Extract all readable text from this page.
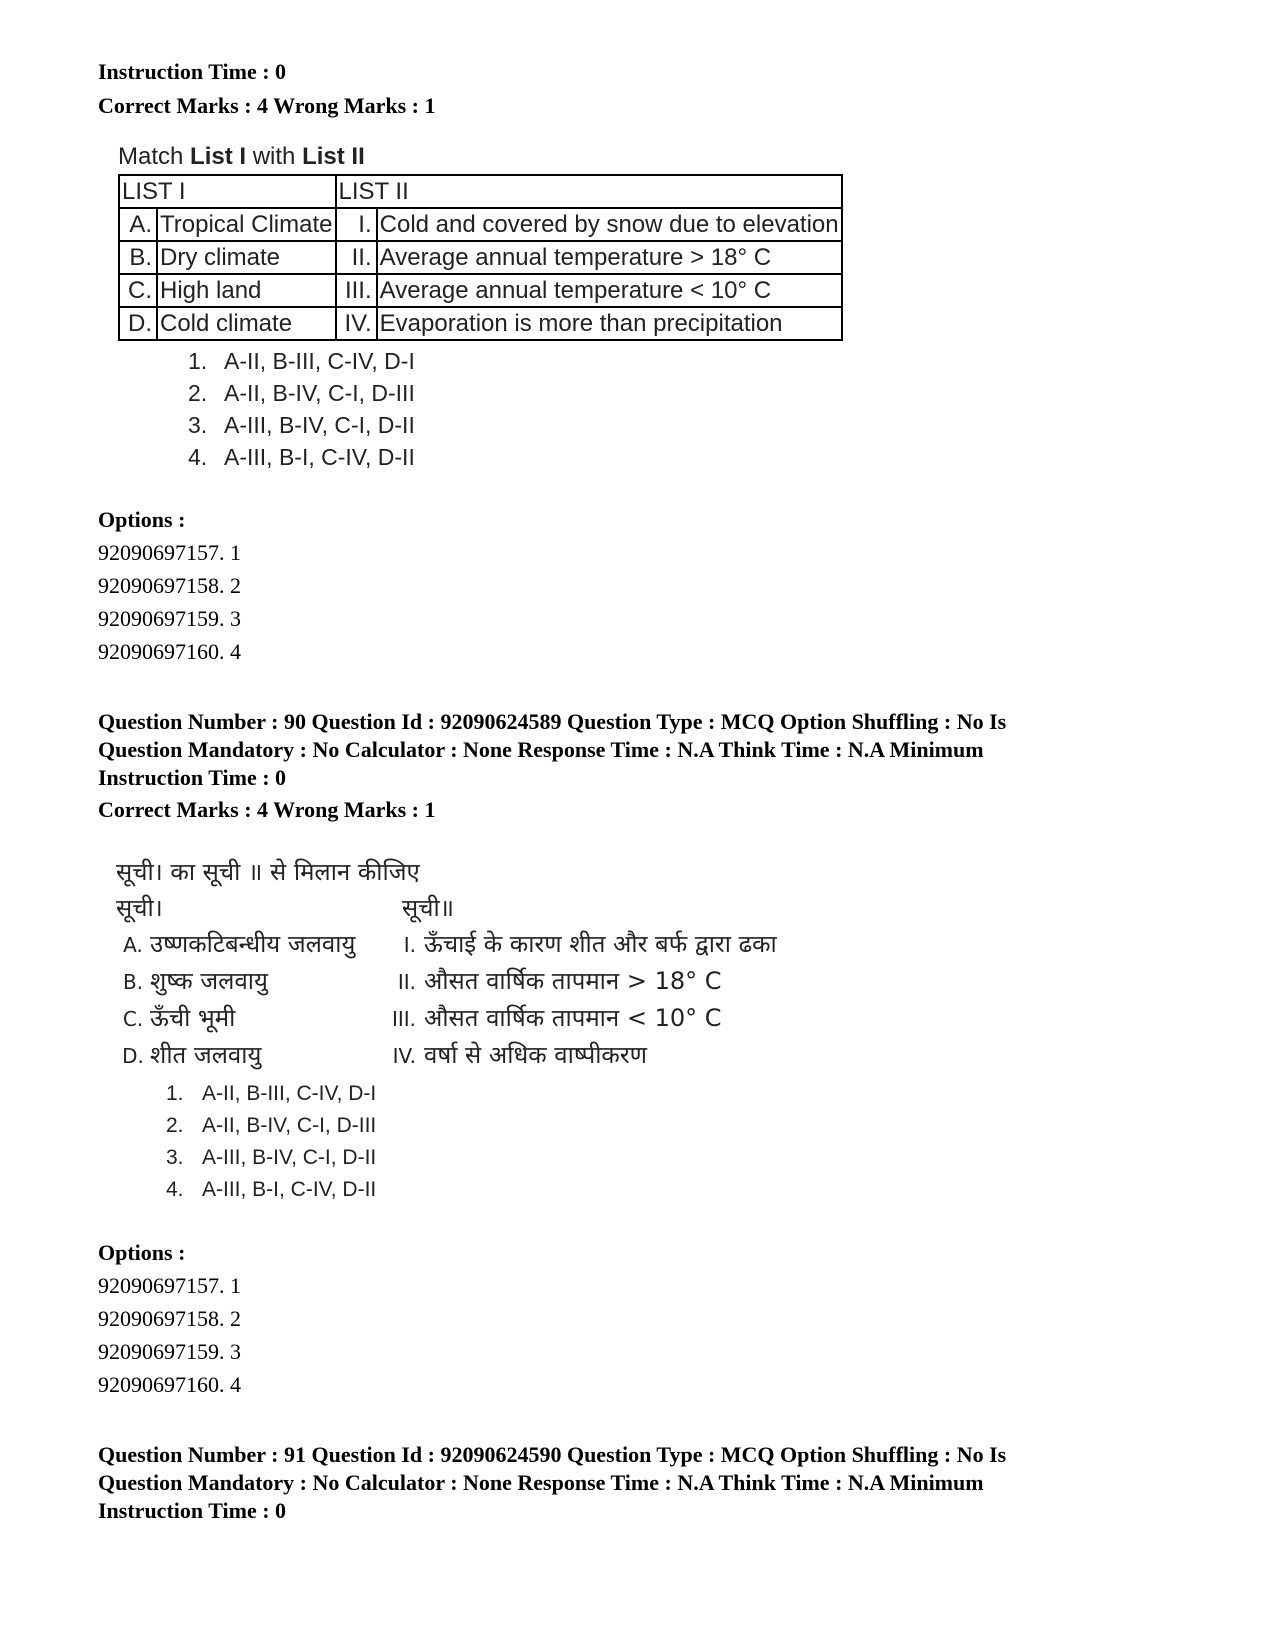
Instruction Time : 0
Correct Marks : 4 Wrong Marks : 1
Match List I with List II
LIST I		LIST II	
A.	Tropical Climate	I.	Cold and covered by snow due to elevation
B.	Dry climate	II.	Average annual temperature > 18° C
C.	High land	III.	Average annual temperature < 10° C
D.	Cold climate	IV.	Evaporation is more than precipitation
1. A-II, B-III, C-IV, D-I
2. A-II, B-IV, C-I, D-III
3. A-III, B-IV, C-I, D-II
4. A-III, B-I, C-IV, D-II
Options :
92090697157. 1
92090697158. 2
92090697159. 3
92090697160. 4
Question Number : 90 Question Id : 92090624589 Question Type : MCQ Option Shuffling : No Is
Question Mandatory : No Calculator : None Response Time : N.A Think Time : N.A Minimum
Instruction Time : 0
Correct Marks : 4 Wrong Marks : 1
सूची। का सूची ॥ से मिलान कीजिए
सूची।	सूची॥
A. उष्णकटिबन्धीय जलवायु	I. ऊँचाई के कारण शीत और बर्फ द्वारा ढका
B. शुष्क जलवायु	II. औसत वार्षिक तापमान > 18° C
C. ऊँची भूमी	III. औसत वार्षिक तापमान < 10° C
D. शीत जलवायु	IV. वर्षा से अधिक वाष्पीकरण
1. A-II, B-III, C-IV, D-I
2. A-II, B-IV, C-I, D-III
3. A-III, B-IV, C-I, D-II
4. A-III, B-I, C-IV, D-II
Options :
92090697157. 1
92090697158. 2
92090697159. 3
92090697160. 4
Question Number : 91 Question Id : 92090624590 Question Type : MCQ Option Shuffling : No Is
Question Mandatory : No Calculator : None Response Time : N.A Think Time : N.A Minimum
Instruction Time : 0
